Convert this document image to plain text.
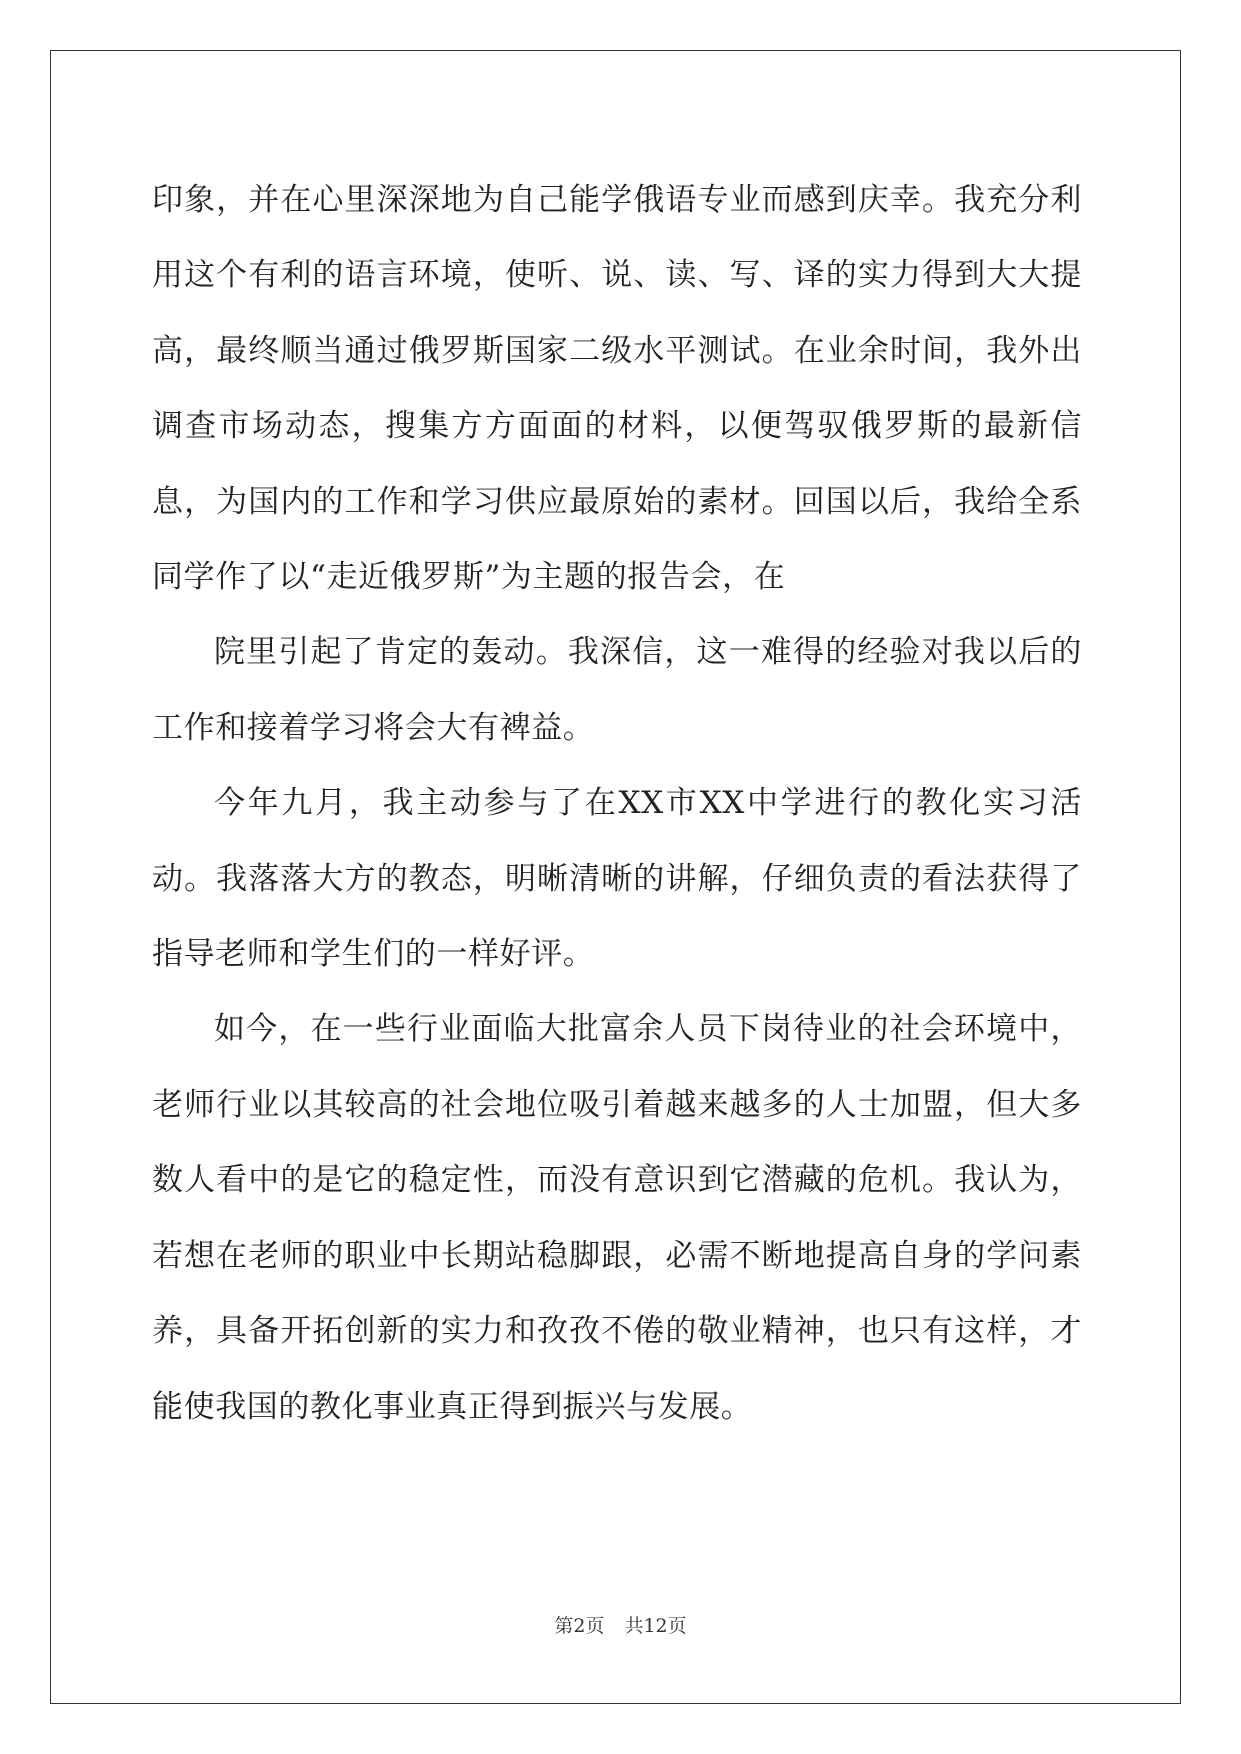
印象，并在心里深深地为自己能学俄语专业而感到庆幸。我充分利用这个有利的语言环境，使听、说、读、写、译的实力得到大大提高，最终顺当通过俄罗斯国家二级水平测试。在业余时间，我外出调查市场动态，搜集方方面面的材料，以便驾驭俄罗斯的最新信息，为国内的工作和学习供应最原始的素材。回国以后，我给全系同学作了以“走近俄罗斯”为主题的报告会，在

院里引起了肯定的轰动。我深信，这一难得的经验对我以后的工作和接着学习将会大有裨益。

今年九月，我主动参与了在XX市XX中学进行的教化实习活动。我落落大方的教态，明晰清晰的讲解，仔细负责的看法获得了指导老师和学生们的一样好评。

如今，在一些行业面临大批富余人员下岗待业的社会环境中，老师行业以其较高的社会地位吸引着越来越多的人士加盟，但大多数人看中的是它的稳定性，而没有意识到它潜藏的危机。我认为，若想在老师的职业中长期站稳脚跟，必需不断地提高自身的学问素养，具备开拓创新的实力和孜孜不倦的敬业精神，也只有这样，才能使我国的教化事业真正得到振兴与发展。

第2页 共12页
